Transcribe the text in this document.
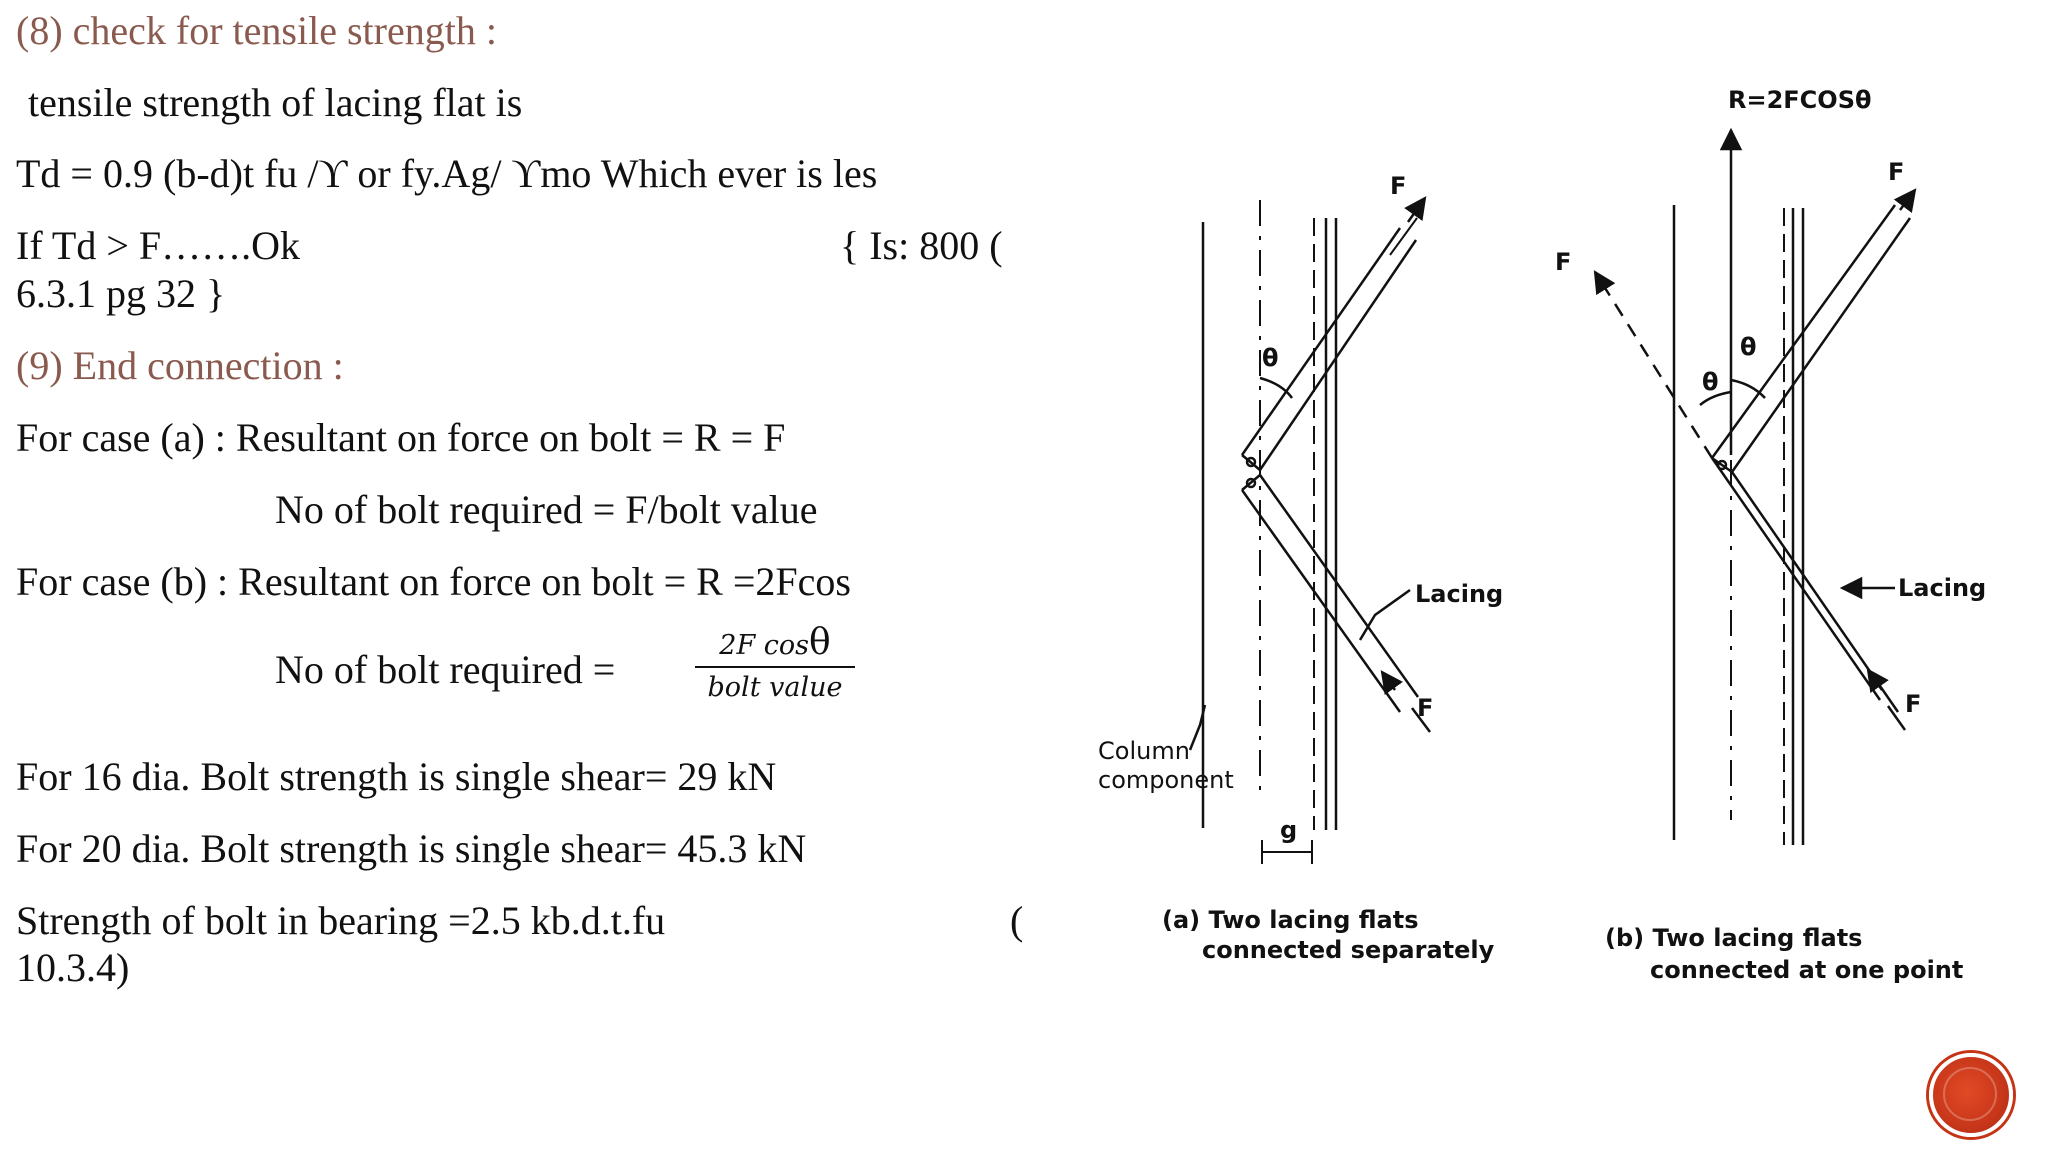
(8) check for tensile strength :
tensile strength of lacing flat is
Td = 0.9 (b-d)t fu /ϒ or fy.Ag/ ϒmo Which ever is les
If Td > F…….Ok	{ Is: 800 (
6.3.1 pg 32 }
(9) End connection :
For case (a) : Resultant on force on bolt = R = F
No of bolt required = F/bolt value
For case (b) : Resultant on force on bolt = R =2Fcos
No of bolt required =
2F cosθ
bolt value
For 16 dia. Bolt strength is single shear= 29 kN
For 20 dia. Bolt strength is single shear= 45.3 kN
Strength of bolt in bearing =2.5 kb.d.t.fu	(
10.3.4)
F
F
θ
Lacing
Column
component
g
R=2FCOSθ
F
F
F
θ
θ
Lacing
(a) Two lacing flats
connected separately	(b) Two lacing flats
connected at one point
